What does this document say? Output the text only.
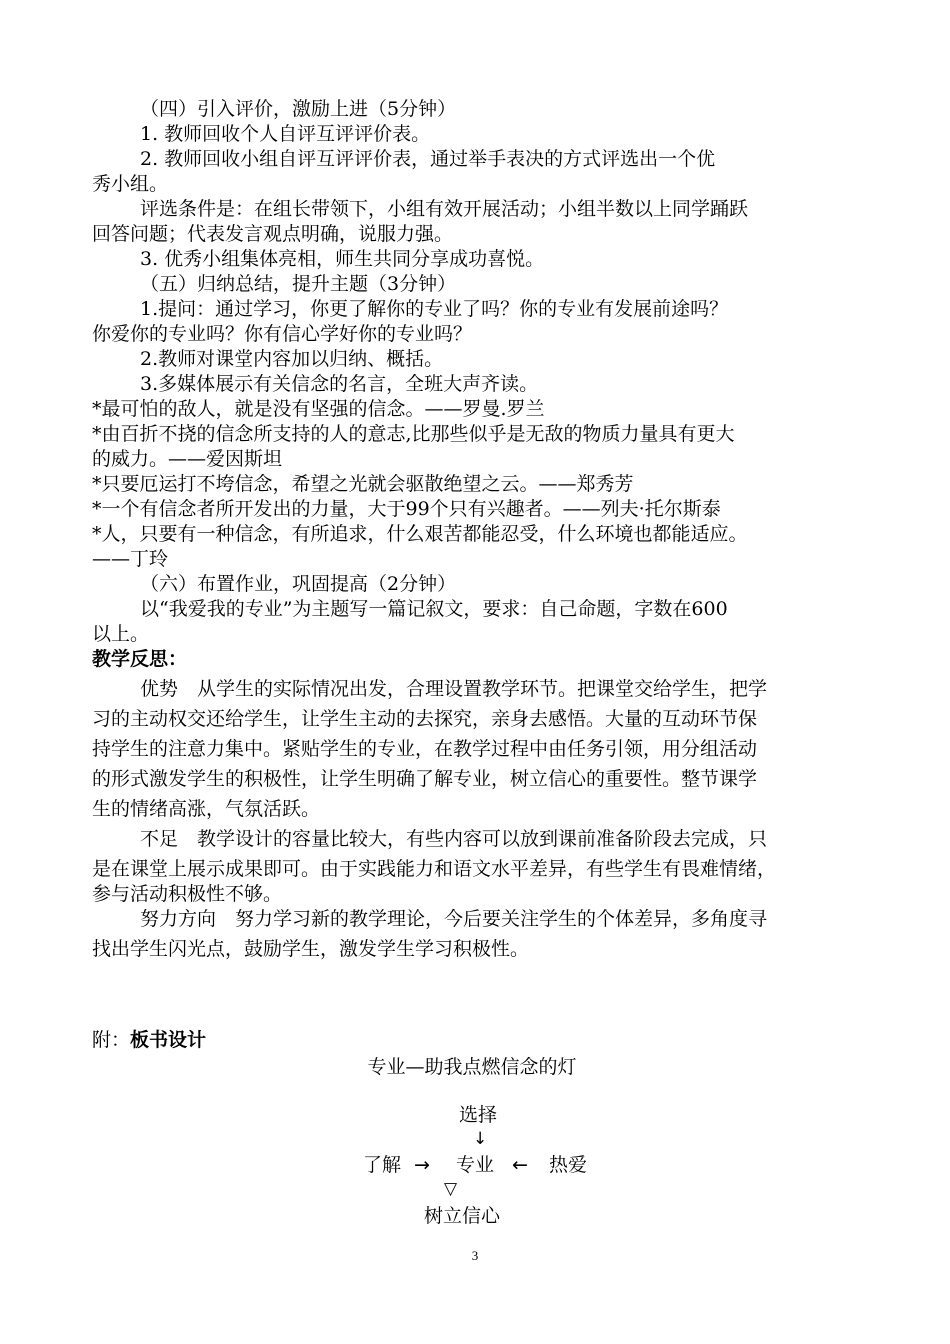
（四）引入评价，激励上进（5分钟）
1. 教师回收个人自评互评评价表。
2. 教师回收小组自评互评评价表，通过举手表决的方式评选出一个优
秀小组。
评选条件是：在组长带领下，小组有效开展活动；小组半数以上同学踊跃
回答问题；代表发言观点明确，说服力强。
3. 优秀小组集体亮相，师生共同分享成功喜悦。
（五）归纳总结，提升主题（3分钟）
1.提问：通过学习，你更了解你的专业了吗？你的专业有发展前途吗？
你爱你的专业吗？你有信心学好你的专业吗？
2.教师对课堂内容加以归纳、概括。
3.多媒体展示有关信念的名言，全班大声齐读。
*最可怕的敌人，就是没有坚强的信念。——罗曼.罗兰
*由百折不挠的信念所支持的人的意志,比那些似乎是无敌的物质力量具有更大
的威力。——爱因斯坦
*只要厄运打不垮信念，希望之光就会驱散绝望之云。——郑秀芳
*一个有信念者所开发出的力量，大于99个只有兴趣者。——列夫·托尔斯泰
*人，只要有一种信念，有所追求，什么艰苦都能忍受，什么环境也都能适应。
——丁玲
（六）布置作业，巩固提高（2分钟）
以“我爱我的专业”为主题写一篇记叙文，要求：自己命题，字数在600
以上。
教学反思：
优势　从学生的实际情况出发，合理设置教学环节。把课堂交给学生，把学
习的主动权交还给学生，让学生主动的去探究，亲身去感悟。大量的互动环节保
持学生的注意力集中。紧贴学生的专业，在教学过程中由任务引领，用分组活动
的形式激发学生的积极性，让学生明确了解专业，树立信心的重要性。整节课学
生的情绪高涨，气氛活跃。
不足　教学设计的容量比较大，有些内容可以放到课前准备阶段去完成，只
是在课堂上展示成果即可。由于实践能力和语文水平差异，有些学生有畏难情绪，
参与活动积极性不够。
努力方向　努力学习新的教学理论，今后要关注学生的个体差异，多角度寻
找出学生闪光点，鼓励学生，激发学生学习积极性。
附：板书设计
专业—助我点燃信念的灯
选择
↓
了解 → 专业 ← 热爱
▽
树立信心
3
